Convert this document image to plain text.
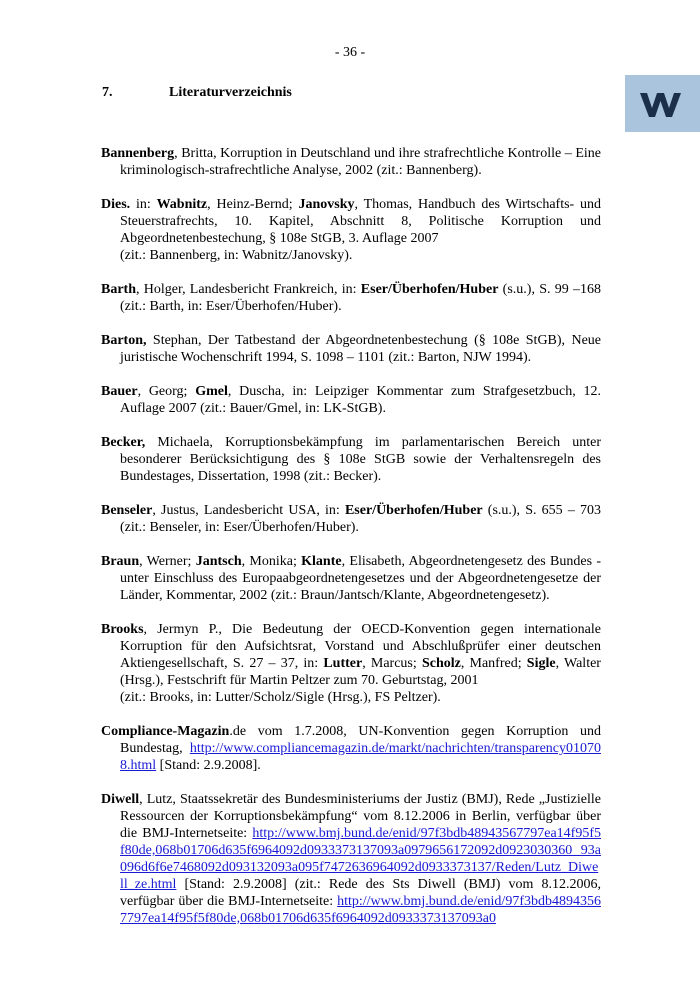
- 36 -
7.	Literaturverzeichnis

Bannenberg, Britta, Korruption in Deutschland und ihre strafrechtliche Kontrolle – Eine kriminologisch-strafrechtliche Analyse, 2002 (zit.: Bannenberg).

Dies. in: Wabnitz, Heinz-Bernd; Janovsky, Thomas, Handbuch des Wirtschafts- und Steuerstrafrechts, 10. Kapitel, Abschnitt 8, Politische Korruption und Abgeordnetenbestechung, § 108e StGB, 3. Auflage 2007
(zit.: Bannenberg, in: Wabnitz/Janovsky).

Barth, Holger, Landesbericht Frankreich, in: Eser/Überhofen/Huber (s.u.), S. 99 –168 (zit.: Barth, in: Eser/Überhofen/Huber).

Barton, Stephan, Der Tatbestand der Abgeordnetenbestechung (§ 108e StGB), Neue juristische Wochenschrift 1994, S. 1098 – 1101 (zit.: Barton, NJW 1994).

Bauer, Georg; Gmel, Duscha, in: Leipziger Kommentar zum Strafgesetzbuch, 12. Auflage 2007 (zit.: Bauer/Gmel, in: LK-StGB).

Becker, Michaela, Korruptionsbekämpfung im parlamentarischen Bereich unter besonderer Berücksichtigung des § 108e StGB sowie der Verhaltensregeln des Bundestages, Dissertation, 1998 (zit.: Becker).

Benseler, Justus, Landesbericht USA, in: Eser/Überhofen/Huber (s.u.), S. 655 – 703 (zit.: Benseler, in: Eser/Überhofen/Huber).

Braun, Werner; Jantsch, Monika; Klante, Elisabeth, Abgeordnetengesetz des Bundes - unter Einschluss des Europaabgeordnetengesetzes und der Abgeordnetengesetze der Länder, Kommentar, 2002 (zit.: Braun/Jantsch/Klante, Abgeordnetengesetz).

Brooks, Jermyn P., Die Bedeutung der OECD-Konvention gegen internationale Korruption für den Aufsichtsrat, Vorstand und Abschlußprüfer einer deutschen Aktiengesellschaft, S. 27 – 37, in: Lutter, Marcus; Scholz, Manfred; Sigle, Walter (Hrsg.), Festschrift für Martin Peltzer zum 70. Geburtstag, 2001
(zit.: Brooks, in: Lutter/Scholz/Sigle (Hrsg.), FS Peltzer).

Compliance-Magazin.de vom 1.7.2008, UN-Konvention gegen Korruption und Bundestag, http://www.compliancemagazin.de/markt/nachrichten/transparency010708.html [Stand: 2.9.2008].

Diwell, Lutz, Staatssekretär des Bundesministeriums der Justiz (BMJ), Rede „Justizielle Ressourcen der Korruptionsbekämpfung“ vom 8.12.2006 in Berlin, verfügbar über die BMJ-Internetseite: http://www.bmj.bund.de/enid/97f3bdb48943567797ea14f95f5f80de,068b01706d635f6964092d0933373137093a0979656172092d0923030360 93a096d6f6e7468092d093132093a095f7472636964092d0933373137/Reden/Lutz_Diwell_ze.html [Stand: 2.9.2008] (zit.: Rede des Sts Diwell (BMJ) vom 8.12.2006, verfügbar über die BMJ-Internetseite: http://www.bmj.bund.de/enid/97f3bdb48943567797ea14f95f5f80de,068b01706d635f6964092d0933373137093a0
